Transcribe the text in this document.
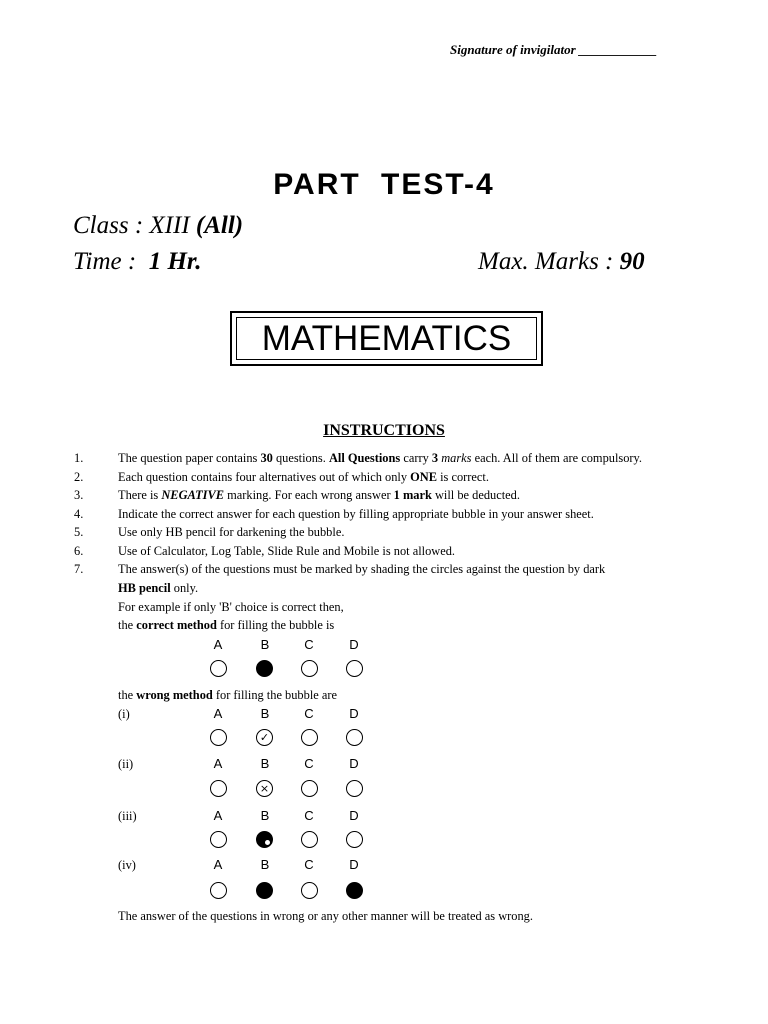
Signature of invigilator ____________
PART TEST-4
Class : XIII (All)
Time : 1 Hr.	Max. Marks : 90
MATHEMATICS
INSTRUCTIONS
1.	The question paper contains 30 questions. All Questions carry 3 marks each. All of them are compulsory.
2.	Each question contains four alternatives out of which only ONE is correct.
3.	There is NEGATIVE marking. For each wrong answer 1 mark will be deducted.
4.	Indicate the correct answer for each question by filling appropriate bubble in your answer sheet.
5.	Use only HB pencil for darkening the bubble.
6.	Use of Calculator, Log Table, Slide Rule and Mobile is not allowed.
7.	The answer(s) of the questions must be marked by shading the circles against the question by dark
HB pencil only.
For example if only 'B' choice is correct then,
the correct method for filling the bubble is
A	B	C	D
the wrong method for filling the bubble are
(i)	A	B	C	D
✓
(ii)	A	B	C	D
×
(iii)	A	B	C	D
(iv)	A	B	C	D
The answer of the questions in wrong or any other manner will be treated as wrong.
